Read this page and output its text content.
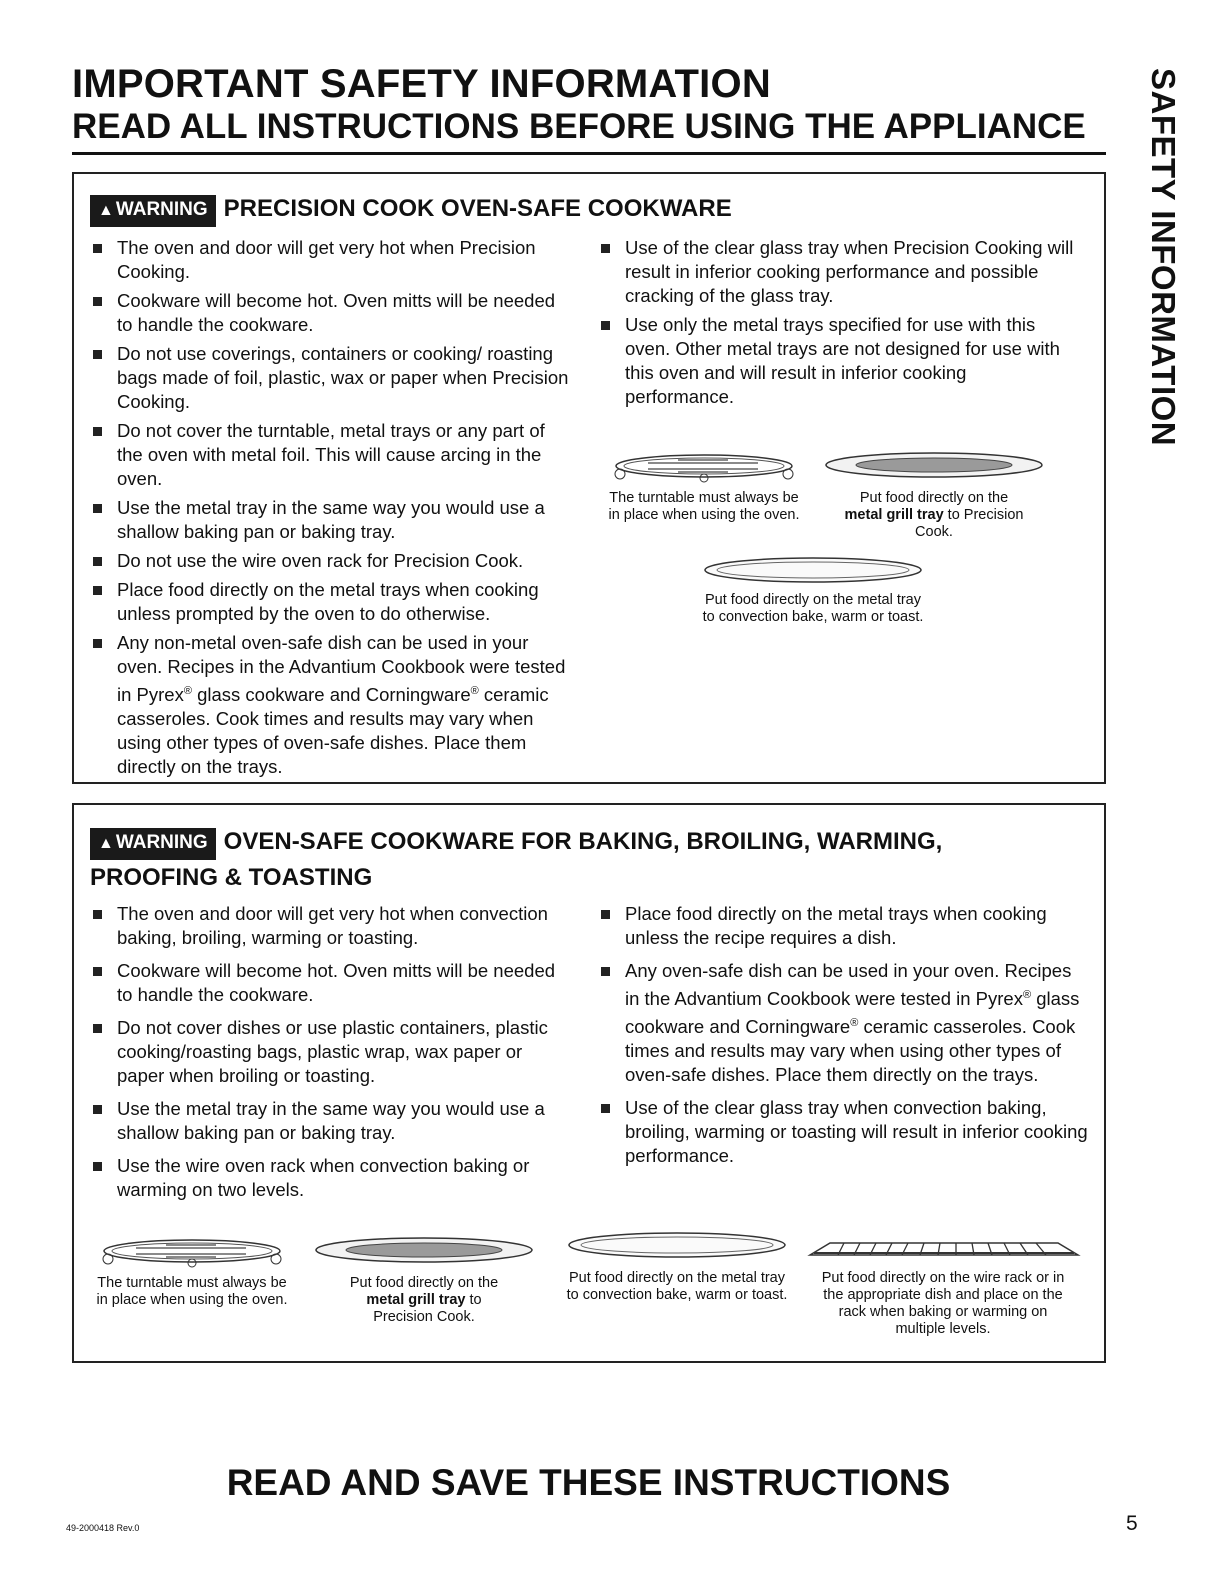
IMPORTANT SAFETY INFORMATION
READ ALL INSTRUCTIONS BEFORE USING THE APPLIANCE SAFETY INFORMATION
▲ WARNING PRECISION COOK OVEN-SAFE COOKWARE
The oven and door will get very hot when Precision Cooking.
Cookware will become hot. Oven mitts will be needed to handle the cookware.
Do not use coverings, containers or cooking/ roasting bags made of foil, plastic, wax or paper when Precision Cooking.
Do not cover the turntable, metal trays or any part of the oven with metal foil. This will cause arcing in the oven.
Use the metal tray in the same way you would use a shallow baking pan or baking tray.
Do not use the wire oven rack for Precision Cook.
Place food directly on the metal trays when cooking unless prompted by the oven to do otherwise.
Any non-metal oven-safe dish can be used in your oven. Recipes in the Advantium Cookbook were tested in Pyrex® glass cookware and Corningware® ceramic casseroles. Cook times and results may vary when using other types of oven-safe dishes. Place them directly on the trays.
Use of the clear glass tray when Precision Cooking will result in inferior cooking performance and possible cracking of the glass tray.
Use only the metal trays specified for use with this oven. Other metal trays are not designed for use with this oven and will result in inferior cooking performance.
The turntable must always be in place when using the oven.
Put food directly on the metal grill tray to Precision Cook.
Put food directly on the metal tray to convection bake, warm or toast.
▲ WARNING OVEN-SAFE COOKWARE FOR BAKING, BROILING, WARMING,
PROOFING & TOASTING
The oven and door will get very hot when convection baking, broiling, warming or toasting.
Cookware will become hot. Oven mitts will be needed to handle the cookware.
Do not cover dishes or use plastic containers, plastic cooking/roasting bags, plastic wrap, wax paper or paper when broiling or toasting.
Use the metal tray in the same way you would use a shallow baking pan or baking tray.
Use the wire oven rack when convection baking or warming on two levels.
Place food directly on the metal trays when cooking unless the recipe requires a dish.
Any oven-safe dish can be used in your oven. Recipes in the Advantium Cookbook were tested in Pyrex® glass cookware and Corningware® ceramic casseroles. Cook times and results may vary when using other types of oven-safe dishes. Place them directly on the trays.
Use of the clear glass tray when convection baking, broiling, warming or toasting will result in inferior cooking performance.
The turntable must always be in place when using the oven.
Put food directly on the metal grill tray to Precision Cook.
Put food directly on the metal tray to convection bake, warm or toast.
Put food directly on the wire rack or in the appropriate dish and place on the rack when baking or warming on multiple levels.
READ AND SAVE THESE INSTRUCTIONS
49-2000418 Rev.0	5
